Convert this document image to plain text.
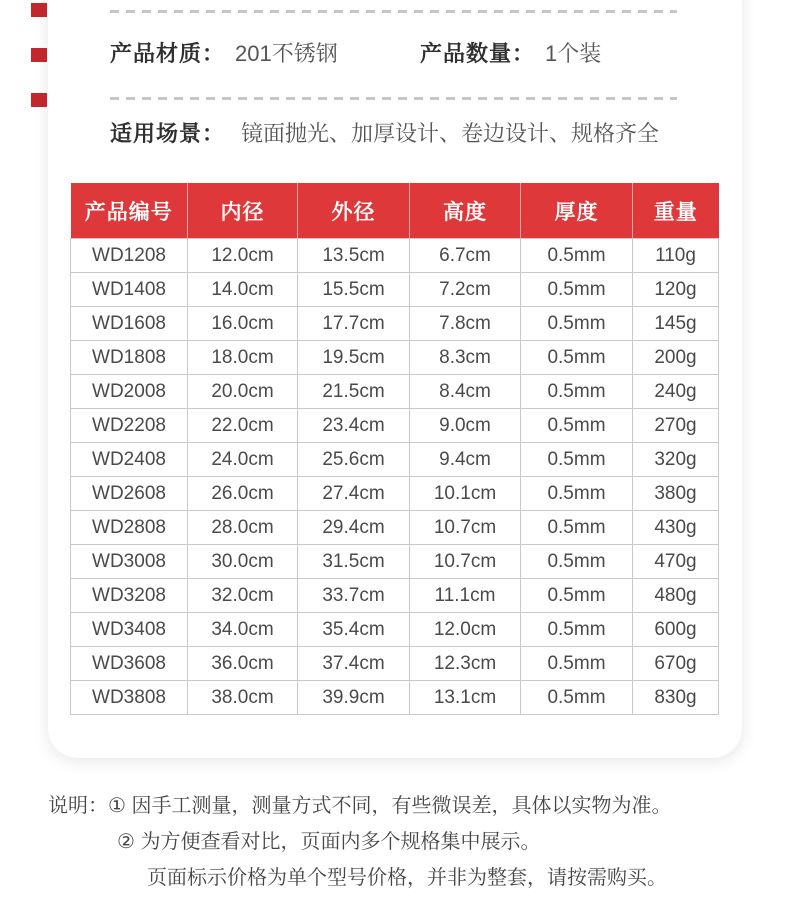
产品材质： 201不锈钢	产品数量： 1个装
适用场景： 镜面抛光、加厚设计、卷边设计、规格齐全
产品编号	内径	外径	高度	厚度	重量
WD1208	12.0cm	13.5cm	6.7cm	0.5mm	110g
WD1408	14.0cm	15.5cm	7.2cm	0.5mm	120g
WD1608	16.0cm	17.7cm	7.8cm	0.5mm	145g
WD1808	18.0cm	19.5cm	8.3cm	0.5mm	200g
WD2008	20.0cm	21.5cm	8.4cm	0.5mm	240g
WD2208	22.0cm	23.4cm	9.0cm	0.5mm	270g
WD2408	24.0cm	25.6cm	9.4cm	0.5mm	320g
WD2608	26.0cm	27.4cm	10.1cm	0.5mm	380g
WD2808	28.0cm	29.4cm	10.7cm	0.5mm	430g
WD3008	30.0cm	31.5cm	10.7cm	0.5mm	470g
WD3208	32.0cm	33.7cm	11.1cm	0.5mm	480g
WD3408	34.0cm	35.4cm	12.0cm	0.5mm	600g
WD3608	36.0cm	37.4cm	12.3cm	0.5mm	670g
WD3808	38.0cm	39.9cm	13.1cm	0.5mm	830g
说明：① 因手工测量，测量方式不同，有些微误差，具体以实物为准。
② 为方便查看对比，页面内多个规格集中展示。
页面标示价格为单个型号价格，并非为整套，请按需购买。
